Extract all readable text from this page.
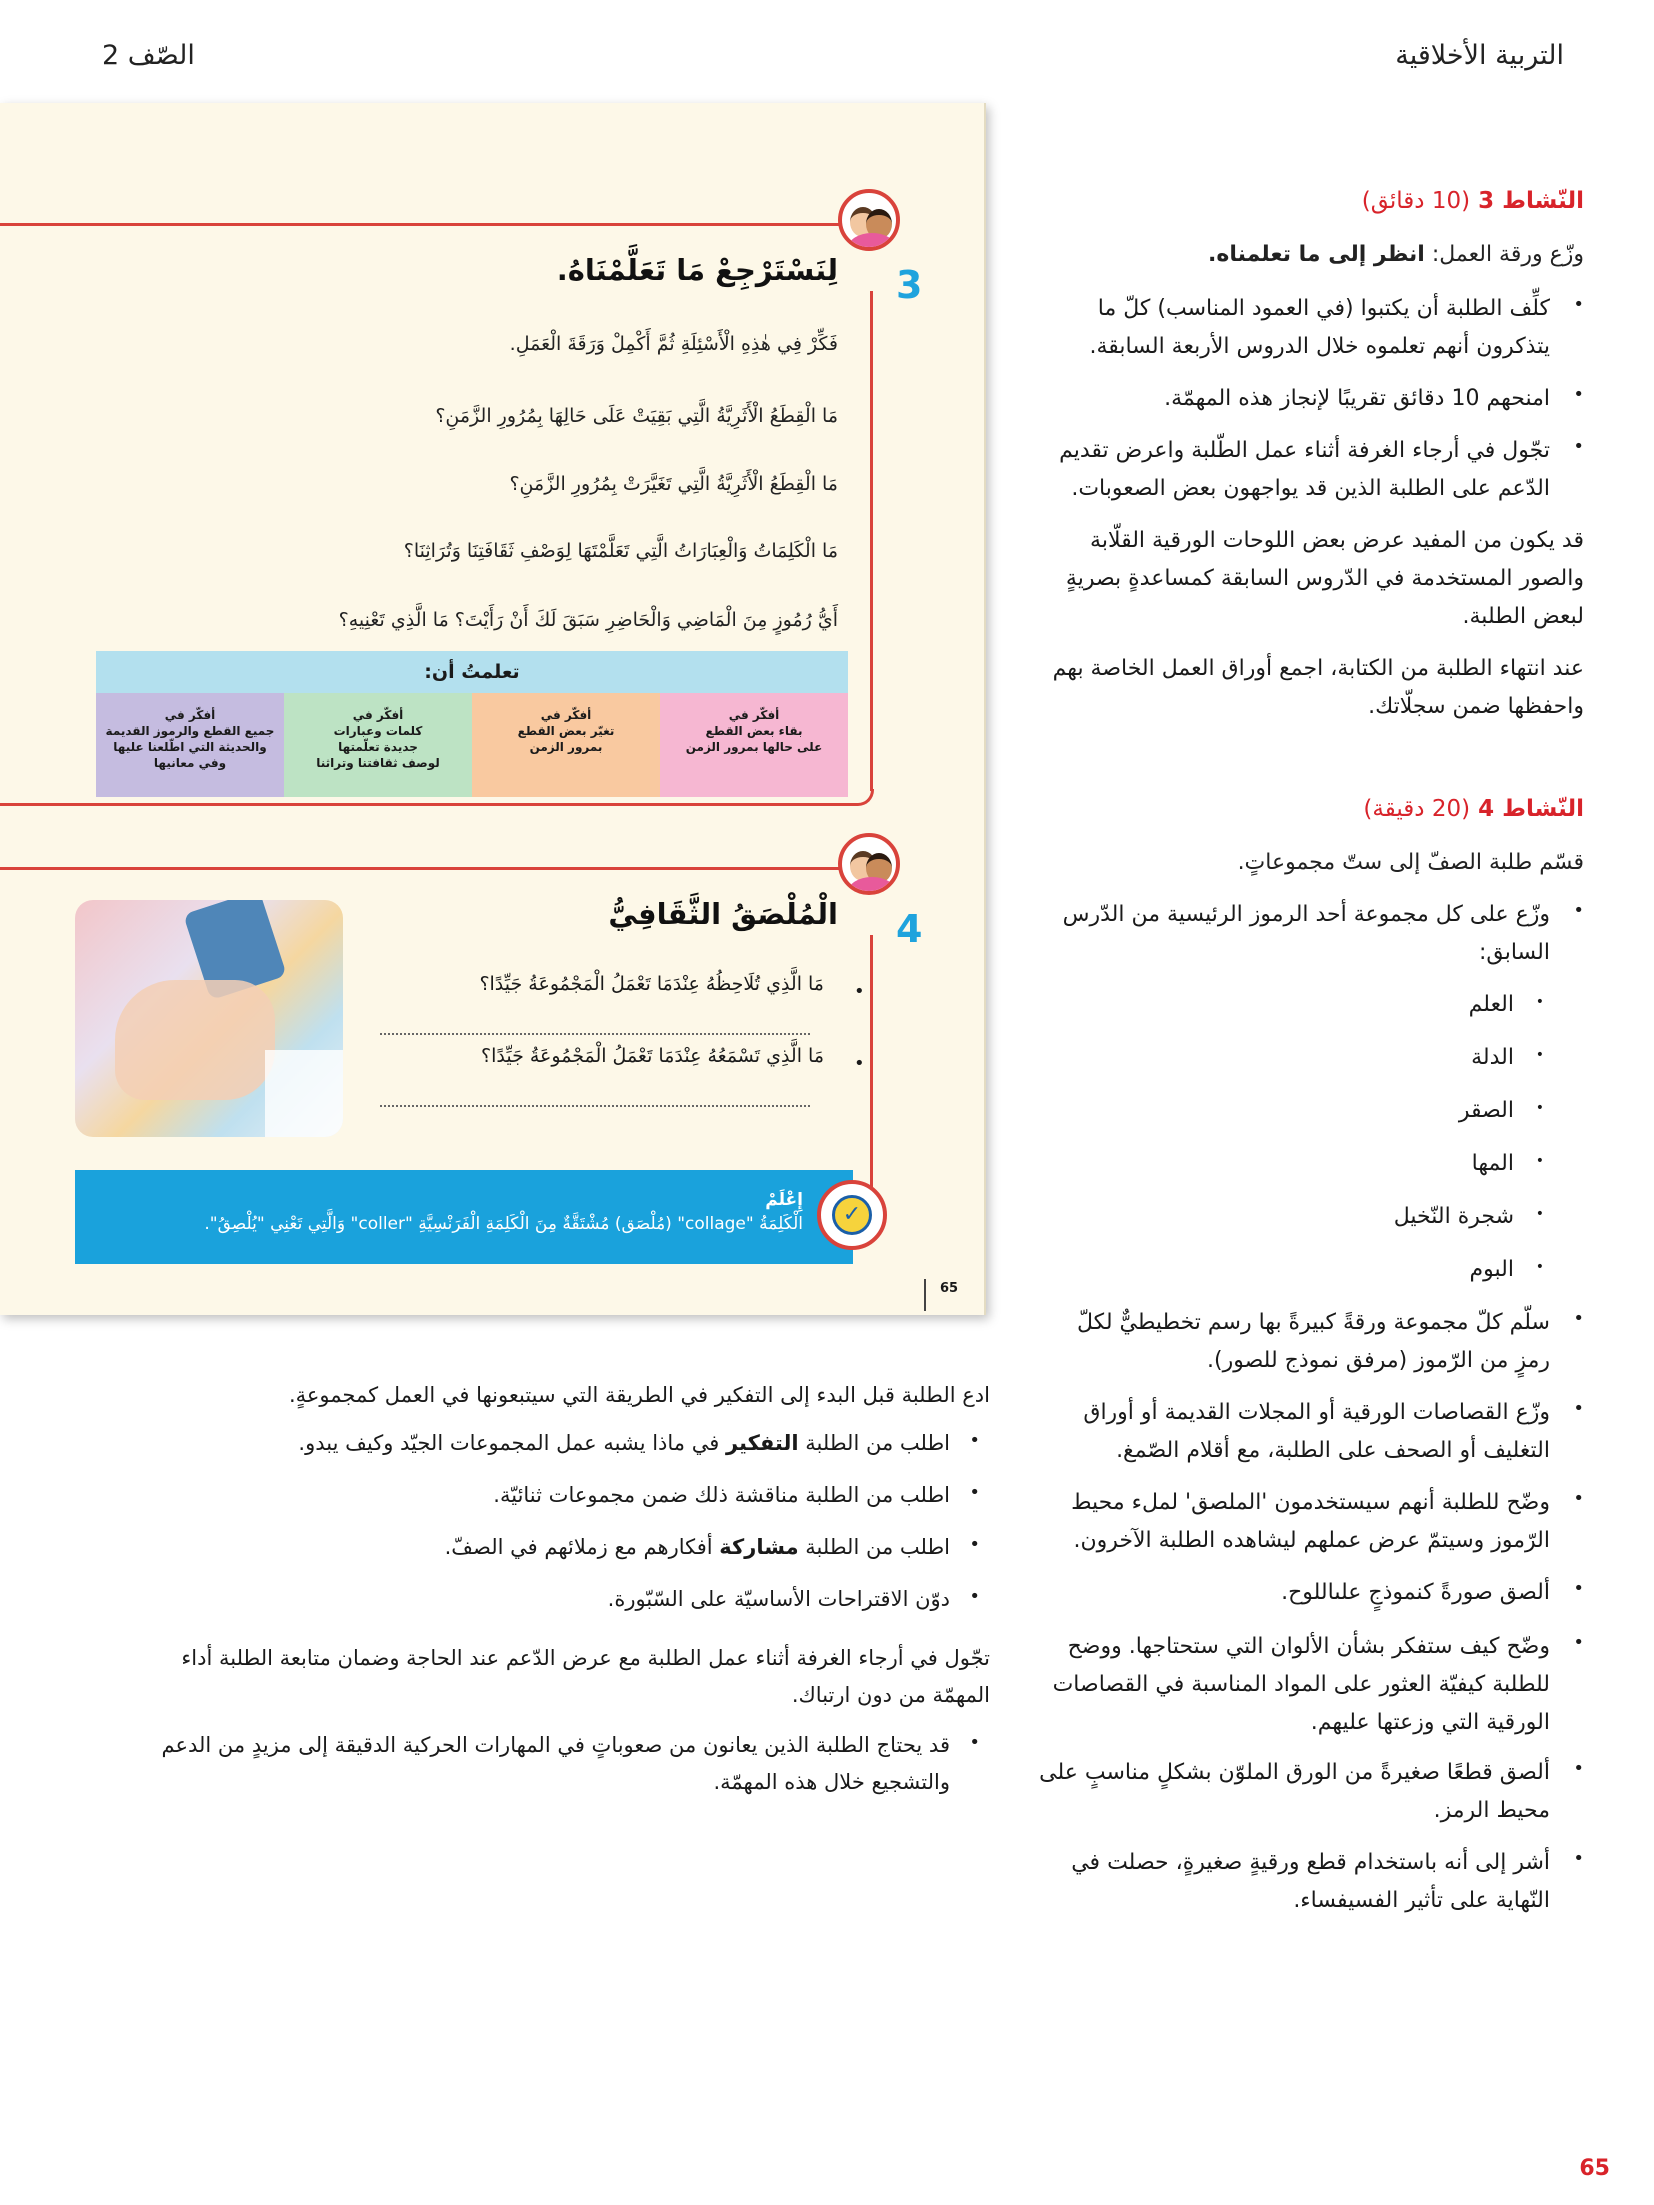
التربية الأخلاقية
الصّف 2
3
لِنَسْتَرْجِعْ مَا تَعَلَّمْنَاهُ.
فَكِّرْ فِي هٰذِهِ الْأَسْئِلَةِ ثُمَّ أَكْمِلْ وَرَقَةَ الْعَمَلِ.
مَا الْقِطَعُ الْأَثَرِيَّةُ الَّتِي بَقِيَتْ عَلَى حَالِهَا بِمُرُورِ الزَّمَنِ؟
مَا الْقِطَعُ الْأَثَرِيَّةُ الَّتِي تَغَيَّرَتْ بِمُرُورِ الزَّمَنِ؟
مَا الْكَلِمَاتُ وَالْعِبَارَاتُ الَّتِي تَعَلَّمْتَهَا لِوَصْفِ ثَقَافَتِنَا وَتُرَاثِنَا؟
أَيُّ رُمُوزٍ مِنَ الْمَاضِي وَالْحَاضِرِ سَبَقَ لَكَ أَنْ رَأَيْتَ؟ مَا الَّذِي تَعْنِيهِ؟
تعلمتُ أن:
أفكّر في
بقاء بعض القطع
على حالها بمرور الزمن
أفكّر في
تغيّر بعض القطع
بمرور الزمن
أفكّر في
كلمات وعبارات
جديدة تعلّمتها
لوصف ثقافتنا وتراثنا
أفكّر في
جميع القطع والرموز القديمة
والحديثة التي اطّلعنا عليها
وفي معانيها
4
الْمُلْصَقُ الثَّقَافِيُّ
•
مَا الَّذِي تُلَاحِظُهُ عِنْدَمَا تَعْمَلُ الْمَجْمُوعَةُ جَيِّدًا؟
•
مَا الَّذِي تَسْمَعُهُ عِنْدَمَا تَعْمَلُ الْمَجْمُوعَةُ جَيِّدًا؟
✓
إِعْلَمْ
الْكَلِمَةُ "collage" (مُلْصَق) مُشْتَقَّةٌ مِنَ الْكَلِمَةِ الْفَرَنْسِيَّةِ "coller" وَالَّتِي تَعْنِي "يُلْصِقُ".
65
النّشاط 3 (10 دقائق)
وزّع ورقة العمل: انظر إلى ما تعلمناه.
•
كلِّف الطلبة أن يكتبوا (في العمود المناسب) كلّ ما
يتذكرون أنهم تعلموه خلال الدروس الأربعة السابقة.
•
امنحهم 10 دقائق تقريبًا لإنجاز هذه المهمّة.
•
تجّول في أرجاء الغرفة أثناء عمل الطّلبة واعرض تقديم
الدّعم على الطلبة الذين قد يواجهون بعض الصعوبات.
قد يكون من المفيد عرض بعض اللوحات الورقية القلّابة
والصور المستخدمة في الدّروس السابقة كمساعدةٍ بصريةٍ
لبعض الطلبة.
عند انتهاء الطلبة من الكتابة، اجمع أوراق العمل الخاصة بهم
واحفظها ضمن سجلّاتك.
النّشاط 4 (20 دقيقة)
قسّم طلبة الصفّ إلى ستّ مجموعاتٍ.
•
وزّع على كل مجموعة أحد الرموز الرئيسية من الدّرس
السابق:
•
العلم
•
الدلة
•
الصقر
•
المها
•
شجرة النّخيل
•
البوم
•
سلّم كلّ مجموعة ورقةً كبيرةً بها رسم تخطيطيٌّ لكلّ
رمزٍ من الرّموز (مرفق نموذج للصور).
•
وزّع القصاصات الورقية أو المجلات القديمة أو أوراق
التغليف أو الصحف على الطلبة، مع أقلام الصّمغ.
•
وضّح للطلبة أنهم سيستخدمون 'الملصق' لملء محيط
الرّموز وسيتمّ عرض عملهم ليشاهده الطلبة الآخرون.
•
ألصق صورةً كنموذجٍ علىاللوح.
•
وضّح كيف ستفكر بشأن الألوان التي ستحتاجها. ووضح
للطلبة كيفيّة العثور على المواد المناسبة في القصاصات
الورقية التي وزعتها عليهم.
•
ألصق قطعًا صغيرةً من الورق الملوّن بشكلٍ مناسبٍ على
محيط الرمز.
•
أشر إلى أنه باستخدام قطع ورقيةٍ صغيرةٍ، حصلت في
النّهاية على تأثير الفسيفساء.
ادع الطلبة قبل البدء إلى التفكير في الطريقة التي سيتبعونها في العمل كمجموعةٍ.
•
اطلب من الطلبة التفكير في ماذا يشبه عمل المجموعات الجيّد وكيف يبدو.
•
اطلب من الطلبة مناقشة ذلك ضمن مجموعات ثنائيّة.
•
اطلب من الطلبة مشاركة أفكارهم مع زملائهم في الصفّ.
•
دوّن الاقتراحات الأساسيّة على السّبّورة.
تجّول في أرجاء الغرفة أثناء عمل الطلبة مع عرض الدّعم عند الحاجة وضمان متابعة الطلبة أداء
المهمّة من دون ارتباك.
•
قد يحتاج الطلبة الذين يعانون من صعوباتٍ في المهارات الحركية الدقيقة إلى مزيدٍ من الدعم
والتشجيع خلال هذه المهمّة.
65
